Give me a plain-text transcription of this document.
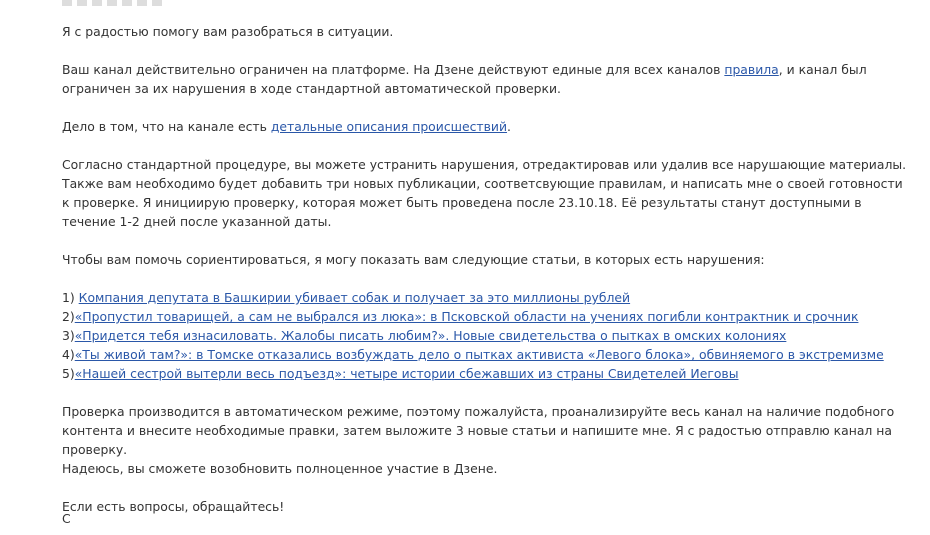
Я с радостью помогу вам разобраться в ситуации.

Ваш канал действительно ограничен на платформе. На Дзене действуют единые для всех каналов правила, и канал был ограничен за их нарушения в ходе стандартной автоматической проверки.

Дело в том, что на канале есть детальные описания происшествий.

Согласно стандартной процедуре, вы можете устранить нарушения, отредактировав или удалив все нарушающие материалы. Также вам необходимо будет добавить три новых публикации, соответсвующие правилам, и написать мне о своей готовности к проверке. Я инициирую проверку, которая может быть проведена после 23.10.18. Её результаты станут доступными в течение 1-2 дней после указанной даты.

Чтобы вам помочь сориентироваться, я могу показать вам следующие статьи, в которых есть нарушения:

1) Компания депутата в Башкирии убивает собак и получает за это миллионы рублей

2)«Пропустил товарищей, а сам не выбрался из люка»: в Псковской области на учениях погибли контрактник и срочник

3)«Придется тебя изнасиловать. Жалобы писать любим?». Новые свидетельства о пытках в омских колониях

4)«Ты живой там?»: в Томске отказались возбуждать дело о пытках активиста «Левого блока», обвиняемого в экстремизме

5)«Нашей сестрой вытерли весь подъезд»: четыре истории сбежавших из страны Свидетелей Иеговы

Проверка производится в автоматическом режиме, поэтому пожалуйста, проанализируйте весь канал на наличие подобного контента и внесите необходимые правки, затем выложите 3 новые статьи и напишите мне. Я с радостью отправлю канал на проверку.
Надеюсь, вы сможете возобновить полноценное участие в Дзене.

Если есть вопросы, обращайтесь!

С
